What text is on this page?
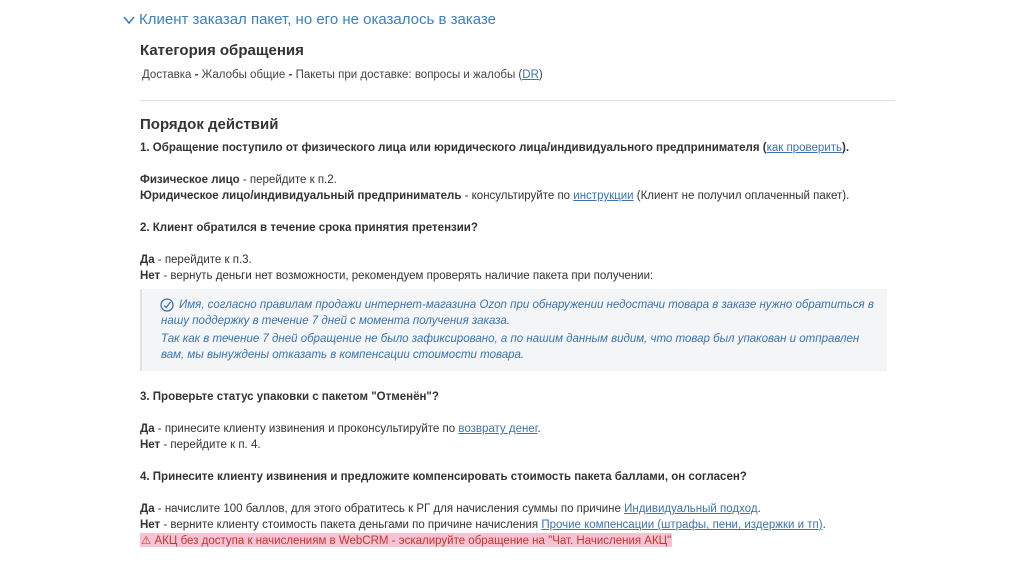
Клиент заказал пакет, но его не оказалось в заказе
Категория обращения
Доставка - Жалобы общие - Пакеты при доставке: вопросы и жалобы (DR)
Порядок действий
1. Обращение поступило от физического лица или юридического лица/индивидуального предпринимателя (как проверить).
Физическое лицо - перейдите к п.2.
Юридическое лицо/индивидуальный предприниматель - консультируйте по инструкции (Клиент не получил оплаченный пакет).
2. Клиент обратился в течение срока принятия претензии?
Да - перейдите к п.3.
Нет - вернуть деньги нет возможности, рекомендуем проверять наличие пакета при получении:
Имя, согласно правилам продажи интернет-магазина Ozon при обнаружении недостачи товара в заказе нужно обратиться в
нашу поддержку в течение 7 дней с момента получения заказа.
Так как в течение 7 дней обращение не было зафиксировано, а по нашим данным видим, что товар был упакован и отправлен
вам, мы вынуждены отказать в компенсации стоимости товара.
3. Проверьте статус упаковки с пакетом "Отменён"?
Да - принесите клиенту извинения и проконсультируйте по возврату денег.
Нет - перейдите к п. 4.
4. Принесите клиенту извинения и предложите компенсировать стоимость пакета баллами, он согласен?
Да - начислите 100 баллов, для этого обратитесь к РГ для начисления суммы по причине Индивидуальный подход.
Нет - верните клиенту стоимость пакета деньгами по причине начисления Прочие компенсации (штрафы, пени, издержки и тп).
⚠ АКЦ без доступа к начислениям в WebCRM - эскалируйте обращение на "Чат. Начисления АКЦ"
